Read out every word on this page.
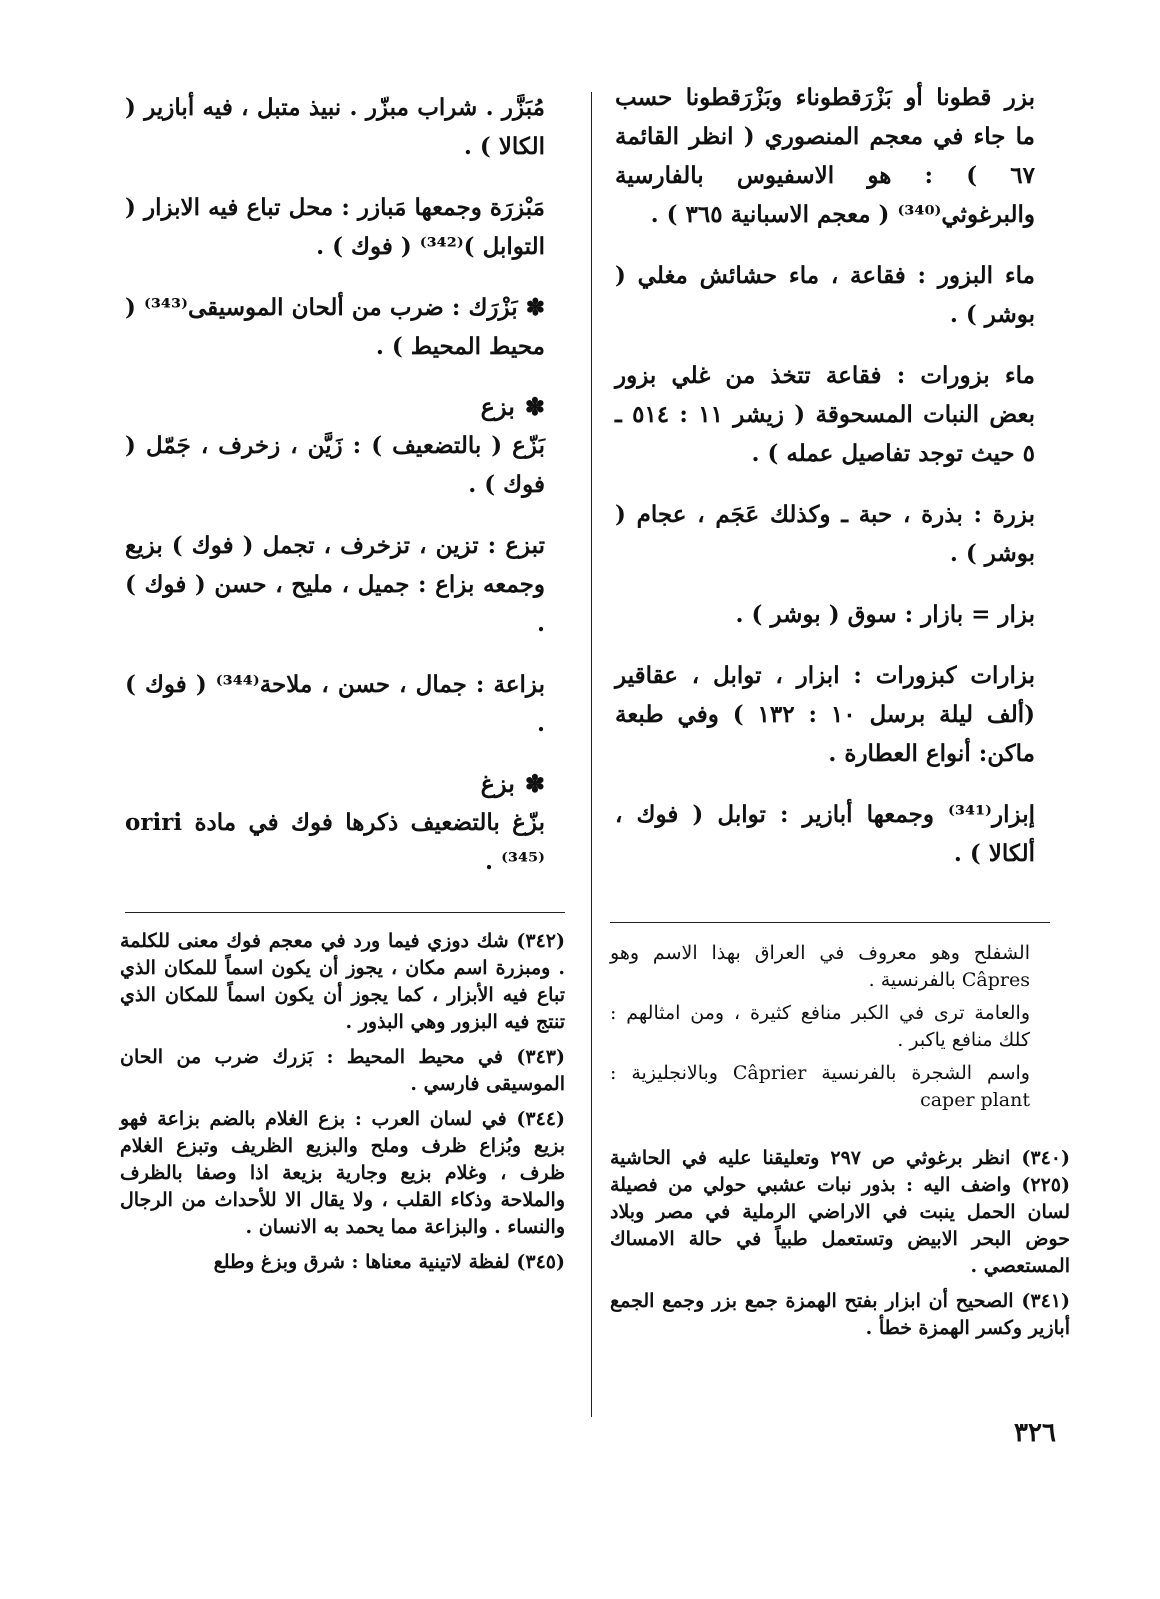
بزر قطونا أو بَزْرَقطوناء وبَزْرَقطونا حسب ما جاء في معجم المنصوري ( انظر القائمة ٦٧ ) : هو الاسفيوس بالفارسية والبرغوثي⁽³⁴⁰⁾ ( معجم الاسبانية ٣٦٥ ) .
ماء البزور : فقاعة ، ماء حشائش مغلي ( بوشر ) .
ماء بزورات : فقاعة تتخذ من غلي بزور بعض النبات المسحوقة ( زيشر ١١ : ٥١٤ ـ ٥ حيث توجد تفاصيل عمله ) .
بزرة : بذرة ، حبة ـ وكذلك عَجَم ، عجام ( بوشر ) .
بزار = بازار : سوق ( بوشر ) .
بزارات كبزورات : ابزار ، توابل ، عقاقير (ألف ليلة برسل ١٠ : ١٣٢ ) وفي طبعة ماكن: أنواع العطارة .
إبزار⁽³⁴¹⁾ وجمعها أبازير : توابل ( فوك ، ألكالا ) .
مُبَزَّر . شراب مبزّر . نبيذ متبل ، فيه أبازير ( الكالا ) .
مَبْزرَة وجمعها مَبازر : محل تباع فيه الابزار ( التوابل )⁽³⁴²⁾ ( فوك ) .
✽ بَزْرَك : ضرب من ألحان الموسيقى⁽³⁴³⁾ ( محيط المحيط ) .
✽بزع
بَزّع ( بالتضعيف ) : زَيَّن ، زخرف ، جَمّل ( فوك ) .
تبزع : تزين ، تزخرف ، تجمل ( فوك ) بزيع وجمعه بزاع : جميل ، مليح ، حسن ( فوك ) .
بزاعة : جمال ، حسن ، ملاحة⁽³⁴⁴⁾ ( فوك ) .
✽بزغ
بزّغ بالتضعيف ذكرها فوك في مادة oriri ⁽³⁴⁵⁾ .
(٣٤٢) شك دوزي فيما ورد في معجم فوك معنى للكلمة . ومبزرة اسم مكان ، يجوز أن يكون اسماً للمكان الذي تباع فيه الأبزار ، كما يجوز أن يكون اسماً للمكان الذي تنتج فيه البزور وهي البذور .
(٣٤٣) في محيط المحيط : بَزرك ضرب من الحان الموسيقى فارسي .
(٣٤٤) في لسان العرب : بزع الغلام بالضم بزاعة فهو بزيع وبُزاع ظرف وملح والبزيع الظريف وتبزع الغلام ظرف ، وغلام بزيع وجارية بزيعة اذا وصفا بالظرف والملاحة وذكاء القلب ، ولا يقال الا للأحداث من الرجال والنساء . والبزاعة مما يحمد به الانسان .
(٣٤٥) لفظة لاتينية معناها : شرق وبزغ وطلع
الشفلح وهو معروف في العراق بهذا الاسم وهو Câpres بالفرنسية .
والعامة ترى في الكبر منافع كثيرة ، ومن امثالهم : كلك منافع ياكبر .
واسم الشجرة بالفرنسية Câprier وبالانجليزية : caper plant
(٣٤٠) انظر برغوثي ص ٢٩٧ وتعليقنا عليه في الحاشية (٢٢٥) واضف اليه : بذور نبات عشبي حولي من فصيلة لسان الحمل ينبت في الاراضي الرملية في مصر وبلاد حوض البحر الابيض وتستعمل طبياً في حالة الامساك المستعصي .
(٣٤١) الصحيح أن ابزار بفتح الهمزة جمع بزر وجمع الجمع أبازير وكسر الهمزة خطأ .
٣٢٦
